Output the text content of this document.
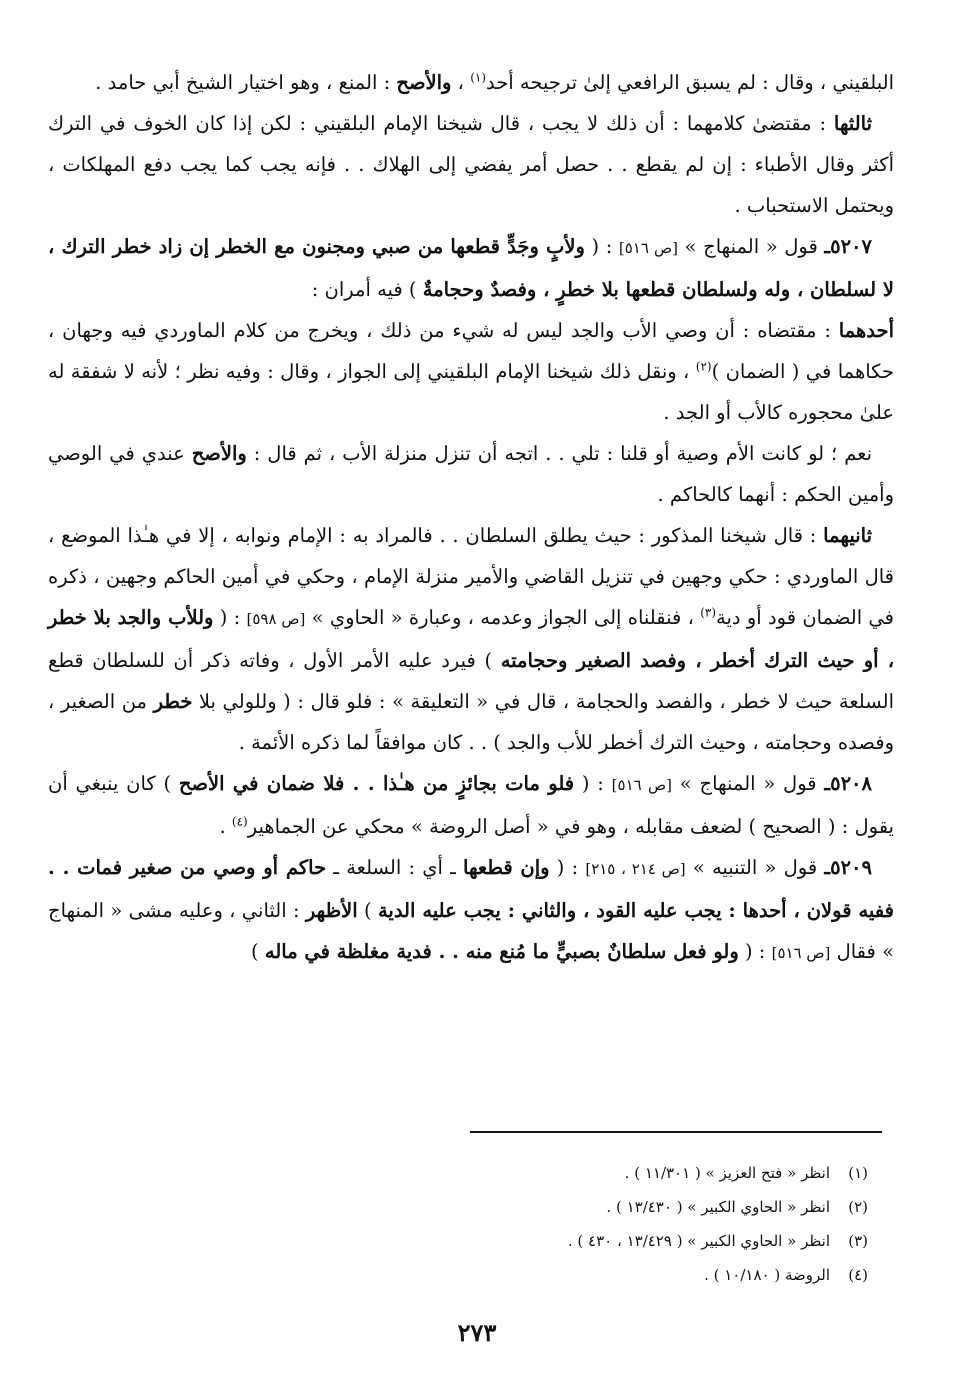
البلقيني ، وقال : لم يسبق الرافعي إلىٰ ترجيحه أحد$^{(١)}$ ، والأصح : المنع ، وهو اختيار الشيخ أبي حامد .

ثالثها : مقتضىٰ كلامهما : أن ذلك لا يجب ، قال شيخنا الإمام البلقيني : لكن إذا كان الخوف في الترك أكثر وقال الأطباء : إن لم يقطع . . حصل أمر يفضي إلى الهلاك . . فإنه يجب كما يجب دفع المهلكات ، ويحتمل الاستحباب .

٥٢٠٧ـ قول « المنهاج » [ص ٥١٦] : ( ولأبٍ وجَدٍّ قطعها من صبي ومجنون مع الخطر إن زاد خطر الترك ، لا لسلطان ، وله ولسلطان قطعها بلا خطرٍ ، وفصدٌ وحجامةٌ ) فيه أمران :

أحدهما : مقتضاه : أن وصي الأب والجد ليس له شيء من ذلك ، ويخرج من كلام الماوردي فيه وجهان ، حكاهما في ( الضمان )$^{(٢)}$ ، ونقل ذلك شيخنا الإمام البلقيني إلى الجواز ، وقال : وفيه نظر ؛ لأنه لا شفقة له علىٰ محجوره كالأب أو الجد .

نعم ؛ لو كانت الأم وصية أو قلنا : تلي . . اتجه أن تنزل منزلة الأب ، ثم قال : والأصح عندي في الوصي وأمين الحكم : أنهما كالحاكم .

ثانيهما : قال شيخنا المذكور : حيث يطلق السلطان . . فالمراد به : الإمام ونوابه ، إلا في هـٰذا الموضع ، قال الماوردي : حكي وجهين في تنزيل القاضي والأمير منزلة الإمام ، وحكي في أمين الحاكم وجهين ، ذكره في الضمان قود أو دية$^{(٣)}$ ، فنقلناه إلى الجواز وعدمه ، وعبارة « الحاوي » [ص ٥٩٨] : ( وللأب والجد بلا خطر ، أو حيث الترك أخطر ، وفصد الصغير وحجامته ) فيرد عليه الأمر الأول ، وفاته ذكر أن للسلطان قطع السلعة حيث لا خطر ، والفصد والحجامة ، قال في « التعليقة » : فلو قال : ( وللولي بلا خطر من الصغير ، وفصده وحجامته ، وحيث الترك أخطر للأب والجد ) . . كان موافقاً لما ذكره الأئمة .

٥٢٠٨ـ قول « المنهاج » [ص ٥١٦] : ( فلو مات بجائزٍ من هـٰذا . . فلا ضمان في الأصح ) كان ينبغي أن يقول : ( الصحيح ) لضعف مقابله ، وهو في « أصل الروضة » محكي عن الجماهير$^{(٤)}$ .

٥٢٠٩ـ قول « التنبيه » [ص ٢١٤ ، ٢١٥] : ( وإن قطعها ـ أي : السلعة ـ حاكم أو وصي من صغير فمات . . ففيه قولان ، أحدها : يجب عليه القود ، والثاني : يجب عليه الدية ) الأظهر : الثاني ، وعليه مشى « المنهاج » فقال [ص ٥١٦] : ( ولو فعل سلطانٌ بصبيٍّ ما مُنع منه . . فدية مغلظة في ماله )

(١)انظر « فتح العزيز » ( ١١/٣٠١ ) .
(٢)انظر « الحاوي الكبير » ( ١٣/٤٣٠ ) .
(٣)انظر « الحاوي الكبير » ( ١٣/٤٢٩ ، ٤٣٠ ) .
(٤)الروضة ( ١٠/١٨٠ ) .
٢٧٣
